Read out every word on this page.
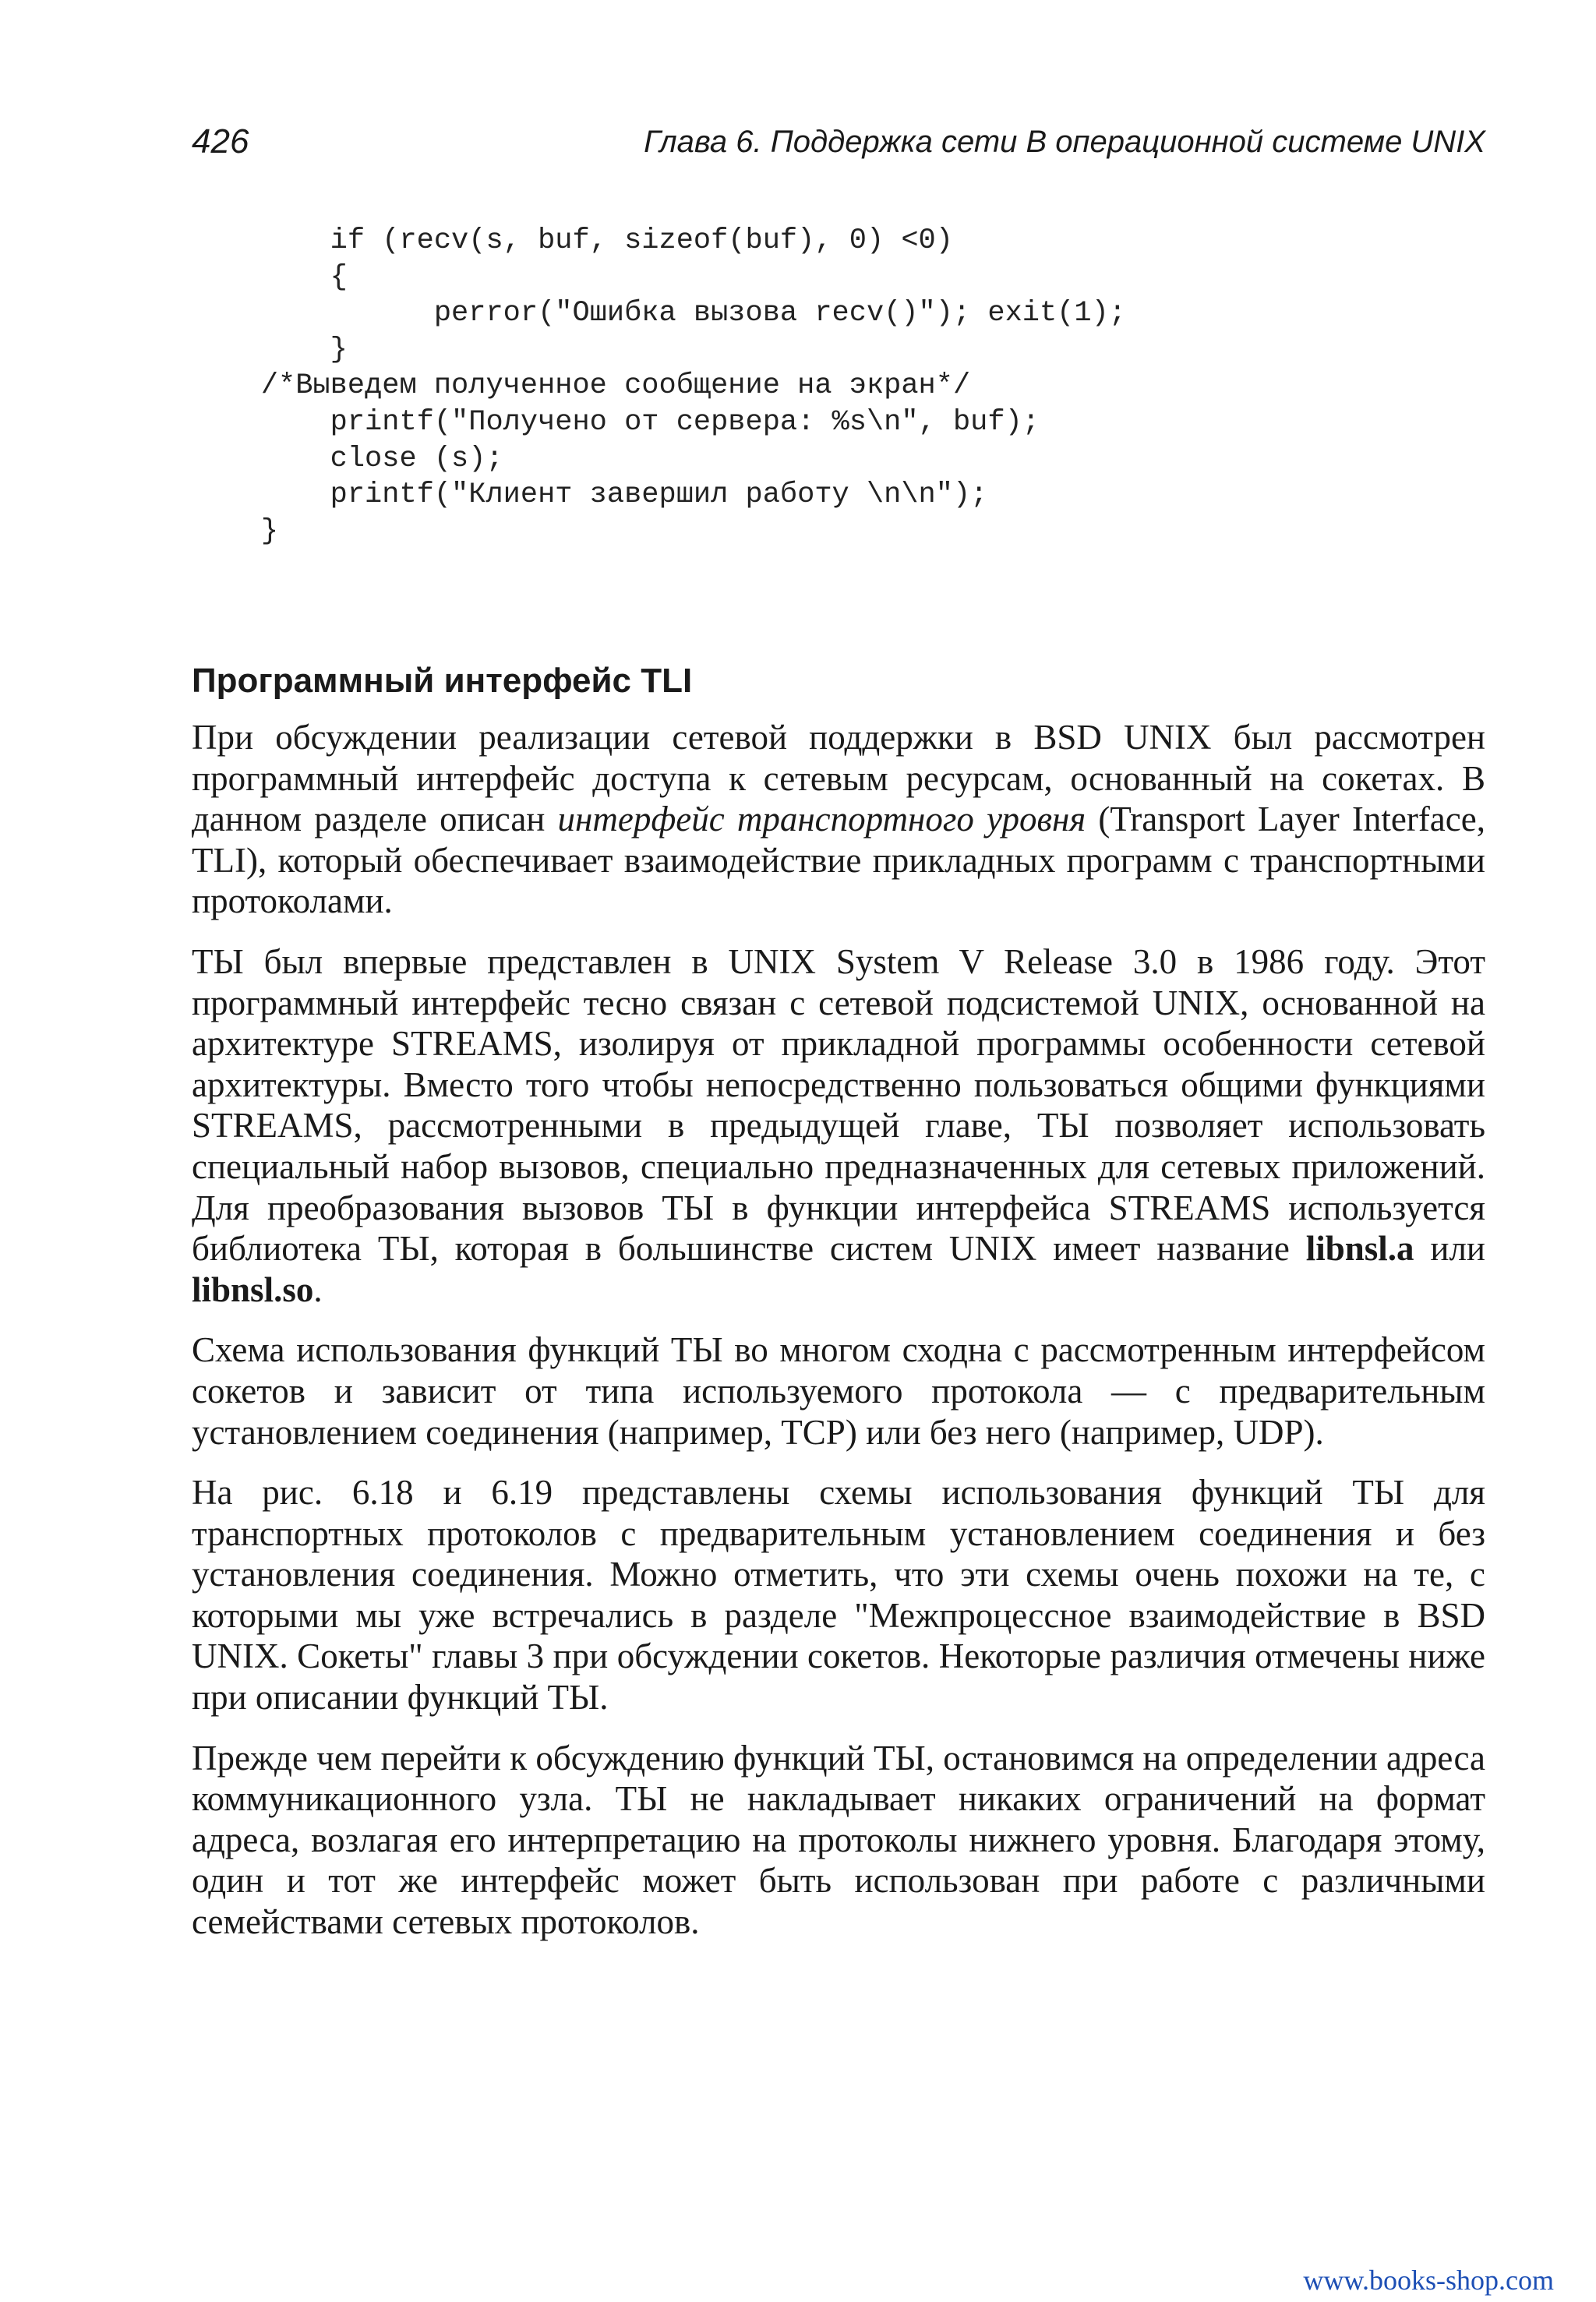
426	Глава 6. Поддержка сети В операционной системе UNIX
if (recv(s, buf, sizeof(buf), 0) <0)
{
perror("Ошибка вызова recv()"); exit(1);
}
/*Выведем полученное сообщение на экран*/
printf("Получено от сервера: %s\n", buf);
close (s);
printf("Клиент завершил работу \n\n");
}
Программный интерфейс TLI

При обсуждении реализации сетевой поддержки в BSD UNIX был рассмотрен программный интерфейс доступа к сетевым ресурсам, основанный на сокетах. В данном разделе описан интерфейс транспортного уровня (Transport Layer Interface, TLI), который обеспечивает взаимодействие прикладных программ с транспортными протоколами.

ТЫ был впервые представлен в UNIX System V Release 3.0 в 1986 году. Этот программный интерфейс тесно связан с сетевой подсистемой UNIX, основанной на архитектуре STREAMS, изолируя от прикладной программы особенности сетевой архитектуры. Вместо того чтобы непосредственно пользоваться общими функциями STREAMS, рассмотренными в предыдущей главе, ТЫ позволяет использовать специальный набор вызовов, специально предназначенных для сетевых приложений. Для преобразования вызовов ТЫ в функции интерфейса STREAMS используется библиотека ТЫ, которая в большинстве систем UNIX имеет название libnsl.a или libnsl.so.

Схема использования функций ТЫ во многом сходна с рассмотренным интерфейсом сокетов и зависит от типа используемого протокола — с предварительным установлением соединения (например, TCP) или без него (например, UDP).

На рис. 6.18 и 6.19 представлены схемы использования функций ТЫ для транспортных протоколов с предварительным установлением соединения и без установления соединения. Можно отметить, что эти схемы очень похожи на те, с которыми мы уже встречались в разделе "Межпроцессное взаимодействие в BSD UNIX. Сокеты" главы 3 при обсуждении сокетов. Некоторые различия отмечены ниже при описании функций ТЫ.

Прежде чем перейти к обсуждению функций ТЫ, остановимся на определении адреса коммуникационного узла. ТЫ не накладывает никаких ограничений на формат адреса, возлагая его интерпретацию на протоколы нижнего уровня. Благодаря этому, один и тот же интерфейс может быть использован при работе с различными семействами сетевых протоколов.

www.books-shop.com
